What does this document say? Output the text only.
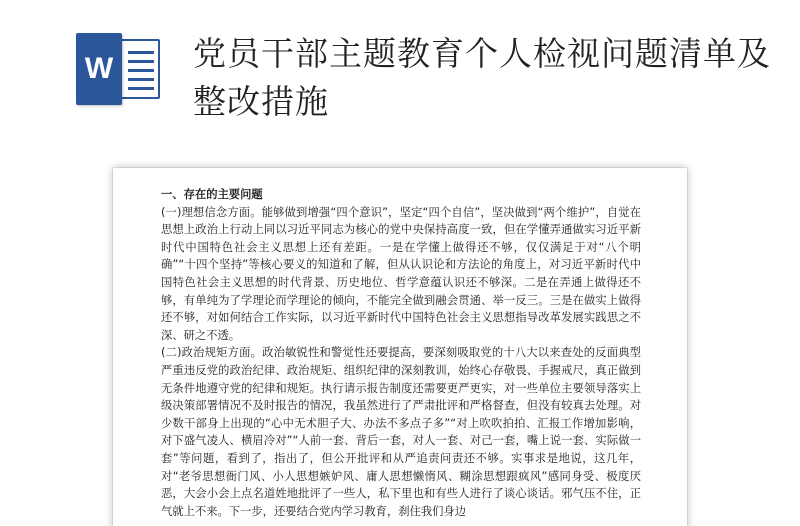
W 党员干部主题教育个人检视问题清单及整改措施

一、存在的主要问题

(一)理想信念方面。能够做到增强“四个意识”，坚定“四个自信”，坚决做到“两个维护”，自觉在思想上政治上行动上同以习近平同志为核心的党中央保持高度一致，但在学懂弄通做实习近平新时代中国特色社会主义思想上还有差距。一是在学懂上做得还不够，仅仅满足于对“八个明确”“十四个坚持”等核心要义的知道和了解，但从认识论和方法论的角度上，对习近平新时代中国特色社会主义思想的时代背景、历史地位、哲学意蕴认识还不够深。二是在弄通上做得还不够，有单纯为了学理论而学理论的倾向，不能完全做到融会贯通、举一反三。三是在做实上做得还不够，对如何结合工作实际，以习近平新时代中国特色社会主义思想指导改革发展实践思之不深、研之不透。

(二)政治规矩方面。政治敏锐性和警觉性还要提高，要深刻吸取党的十八大以来查处的反面典型严重违反党的政治纪律、政治规矩、组织纪律的深刻教训，始终心存敬畏、手握戒尺，真正做到无条件地遵守党的纪律和规矩。执行请示报告制度还需要更严更实，对一些单位主要领导落实上级决策部署情况不及时报告的情况，我虽然进行了严肃批评和严格督查，但没有较真去处理。对少数干部身上出现的“心中无术胆子大、办法不多点子多”“对上吹吹拍拍、汇报工作增加影响，对下盛气凌人、横眉冷对”“人前一套、背后一套，对人一套、对己一套，嘴上说一套、实际做一套”等问题，看到了，指出了，但公开批评和从严追责问责还不够。实事求是地说，这几年，对“老爷思想衙门风、小人思想嫉妒风、庸人思想懒惰风、糊涂思想跟疯风”感同身受、极度厌恶，大会小会上点名道姓地批评了一些人，私下里也和有些人进行了谈心谈话。邪气压不住，正气就上不来。下一步，还要结合党内学习教育，刹住我们身边
